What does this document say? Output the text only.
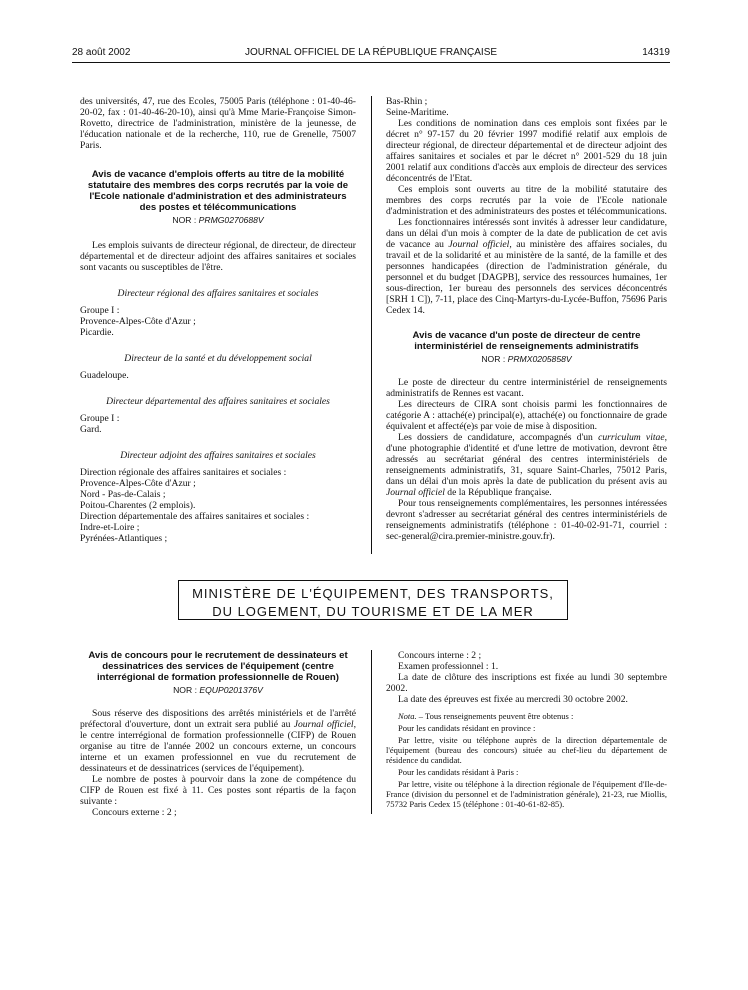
28 août 2002	JOURNAL OFFICIEL DE LA RÉPUBLIQUE FRANÇAISE	14319

des universités, 47, rue des Ecoles, 75005 Paris (téléphone : 01-40-46-20-02, fax : 01-40-46-20-10), ainsi qu'à Mme Marie-Françoise Simon-Rovetto, directrice de l'administration, ministère de la jeunesse, de l'éducation nationale et de la recherche, 110, rue de Grenelle, 75007 Paris.

Avis de vacance d'emplois offerts au titre de la mobilité statutaire des membres des corps recrutés par la voie de l'Ecole nationale d'administration et des administrateurs des postes et télécommunications

NOR : PRMG0270688V

Les emplois suivants de directeur régional, de directeur, de directeur départemental et de directeur adjoint des affaires sanitaires et sociales sont vacants ou susceptibles de l'être.

Directeur régional des affaires sanitaires et sociales

Groupe I :

Provence-Alpes-Côte d'Azur ;

Picardie.

Directeur de la santé et du développement social

Guadeloupe.

Directeur départemental des affaires sanitaires et sociales

Groupe I :

Gard.

Directeur adjoint des affaires sanitaires et sociales

Direction régionale des affaires sanitaires et sociales :

Provence-Alpes-Côte d'Azur ;

Nord - Pas-de-Calais ;

Poitou-Charentes (2 emplois).

Direction départementale des affaires sanitaires et sociales :

Indre-et-Loire ;

Pyrénées-Atlantiques ;

Bas-Rhin ;

Seine-Maritime.

Les conditions de nomination dans ces emplois sont fixées par le décret n° 97-157 du 20 février 1997 modifié relatif aux emplois de directeur régional, de directeur départemental et de directeur adjoint des affaires sanitaires et sociales et par le décret n° 2001-529 du 18 juin 2001 relatif aux conditions d'accès aux emplois de directeur des services déconcentrés de l'Etat.

Ces emplois sont ouverts au titre de la mobilité statutaire des membres des corps recrutés par la voie de l'Ecole nationale d'administration et des administrateurs des postes et télécommunications.

Les fonctionnaires intéressés sont invités à adresser leur candidature, dans un délai d'un mois à compter de la date de publication de cet avis de vacance au Journal officiel, au ministère des affaires sociales, du travail et de la solidarité et au ministère de la santé, de la famille et des personnes handicapées (direction de l'administration générale, du personnel et du budget [DAGPB], service des ressources humaines, 1er sous-direction, 1er bureau des personnels des services déconcentrés [SRH 1 C]), 7-11, place des Cinq-Martyrs-du-Lycée-Buffon, 75696 Paris Cedex 14.

Avis de vacance d'un poste de directeur de centre interministériel de renseignements administratifs

NOR : PRMX0205858V

Le poste de directeur du centre interministériel de renseignements administratifs de Rennes est vacant.

Les directeurs de CIRA sont choisis parmi les fonctionnaires de catégorie A : attaché(e) principal(e), attaché(e) ou fonctionnaire de grade équivalent et affecté(e)s par voie de mise à disposition.

Les dossiers de candidature, accompagnés d'un curriculum vitae, d'une photographie d'identité et d'une lettre de motivation, devront être adressés au secrétariat général des centres interministériels de renseignements administratifs, 31, square Saint-Charles, 75012 Paris, dans un délai d'un mois après la date de publication du présent avis au Journal officiel de la République française.

Pour tous renseignements complémentaires, les personnes intéressées devront s'adresser au secrétariat général des centres interministériels de renseignements administratifs (téléphone : 01-40-02-91-71, courriel : sec-general@cira.premier-ministre.gouv.fr).

MINISTÈRE DE L'ÉQUIPEMENT, DES TRANSPORTS,
DU LOGEMENT, DU TOURISME ET DE LA MER

Avis de concours pour le recrutement de dessinateurs et dessinatrices des services de l'équipement (centre interrégional de formation professionnelle de Rouen)

NOR : EQUP0201376V

Sous réserve des dispositions des arrêtés ministériels et de l'arrêté préfectoral d'ouverture, dont un extrait sera publié au Journal officiel, le centre interrégional de formation professionnelle (CIFP) de Rouen organise au titre de l'année 2002 un concours externe, un concours interne et un examen professionnel en vue du recrutement de dessinateurs et de dessinatrices (services de l'équipement).

Le nombre de postes à pourvoir dans la zone de compétence du CIFP de Rouen est fixé à 11. Ces postes sont répartis de la façon suivante :

Concours externe : 2 ;

Concours interne : 2 ;

Examen professionnel : 1.

La date de clôture des inscriptions est fixée au lundi 30 septembre 2002.

La date des épreuves est fixée au mercredi 30 octobre 2002.

Nota. – Tous renseignements peuvent être obtenus :

Pour les candidats résidant en province :

Par lettre, visite ou téléphone auprès de la direction départementale de l'équipement (bureau des concours) située au chef-lieu du département de résidence du candidat.

Pour les candidats résidant à Paris :

Par lettre, visite ou téléphone à la direction régionale de l'équipement d'Ile-de-France (division du personnel et de l'administration générale), 21-23, rue Miollis, 75732 Paris Cedex 15 (téléphone : 01-40-61-82-85).
